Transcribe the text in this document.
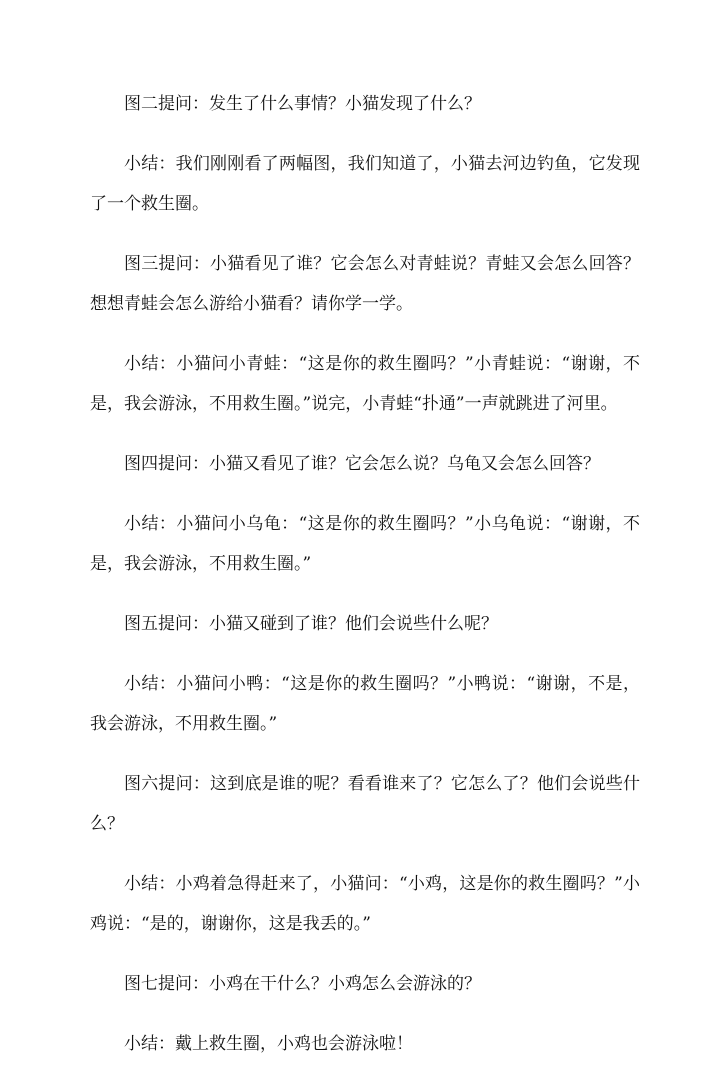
图二提问：发生了什么事情？小猫发现了什么？

小结：我们刚刚看了两幅图，我们知道了，小猫去河边钓鱼，它发现了一个救生圈。

图三提问：小猫看见了谁？它会怎么对青蛙说？青蛙又会怎么回答？想想青蛙会怎么游给小猫看？请你学一学。

小结：小猫问小青蛙：“这是你的救生圈吗？”小青蛙说：“谢谢，不是，我会游泳，不用救生圈。”说完，小青蛙“扑通”一声就跳进了河里。

图四提问：小猫又看见了谁？它会怎么说？乌龟又会怎么回答？

小结：小猫问小乌龟：“这是你的救生圈吗？”小乌龟说：“谢谢，不是，我会游泳，不用救生圈。”

图五提问：小猫又碰到了谁？他们会说些什么呢？

小结：小猫问小鸭：“这是你的救生圈吗？”小鸭说：“谢谢，不是，我会游泳，不用救生圈。”

图六提问：这到底是谁的呢？看看谁来了？它怎么了？他们会说些什么？

小结：小鸡着急得赶来了，小猫问：“小鸡，这是你的救生圈吗？”小鸡说：“是的，谢谢你，这是我丢的。”

图七提问：小鸡在干什么？小鸡怎么会游泳的？

小结：戴上救生圈，小鸡也会游泳啦！
